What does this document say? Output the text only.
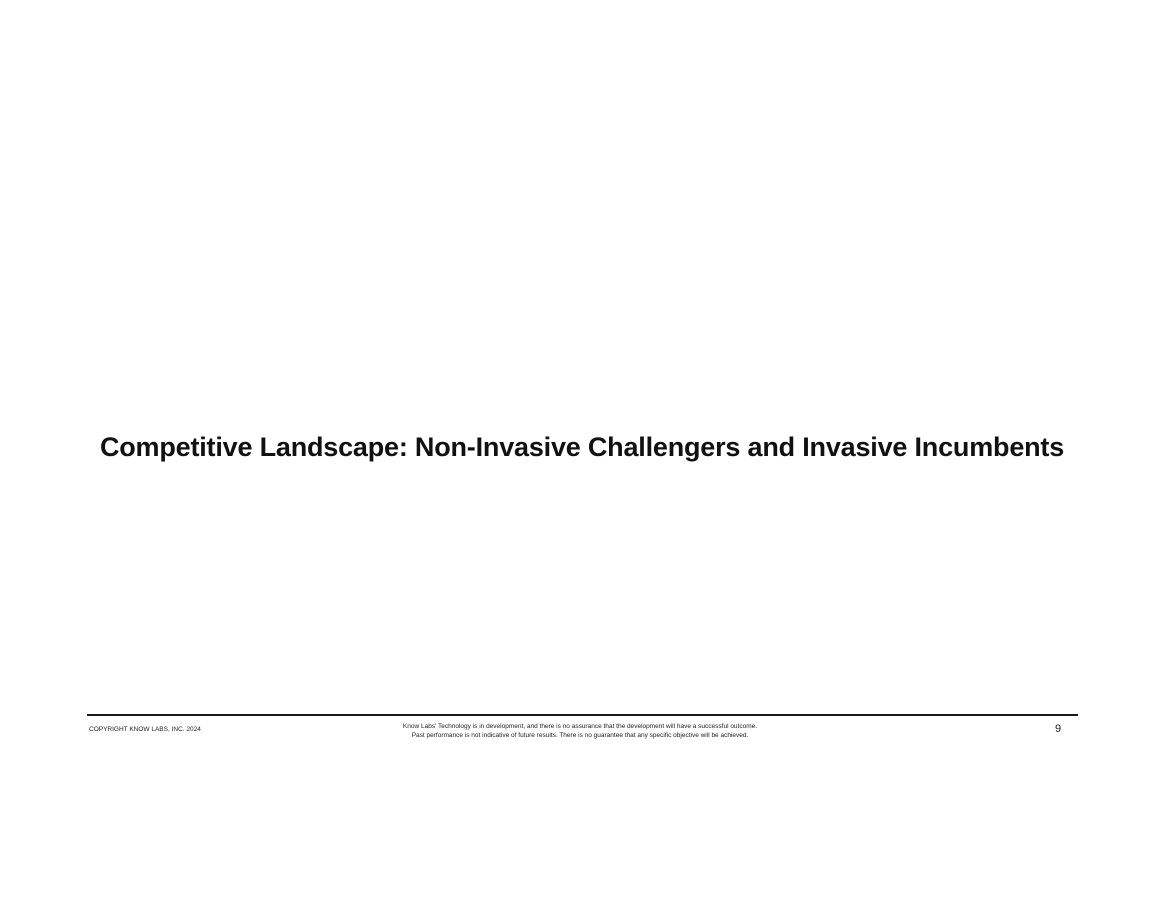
Competitive Landscape: Non-Invasive Challengers and Invasive Incumbents
COPYRIGHT KNOW LABS, INC. 2024	Know Labs' Technology is in development, and there is no assurance that the development will have a successful outcome.
Past performance is not indicative of future results. There is no guarantee that any specific objective will be achieved.
9
